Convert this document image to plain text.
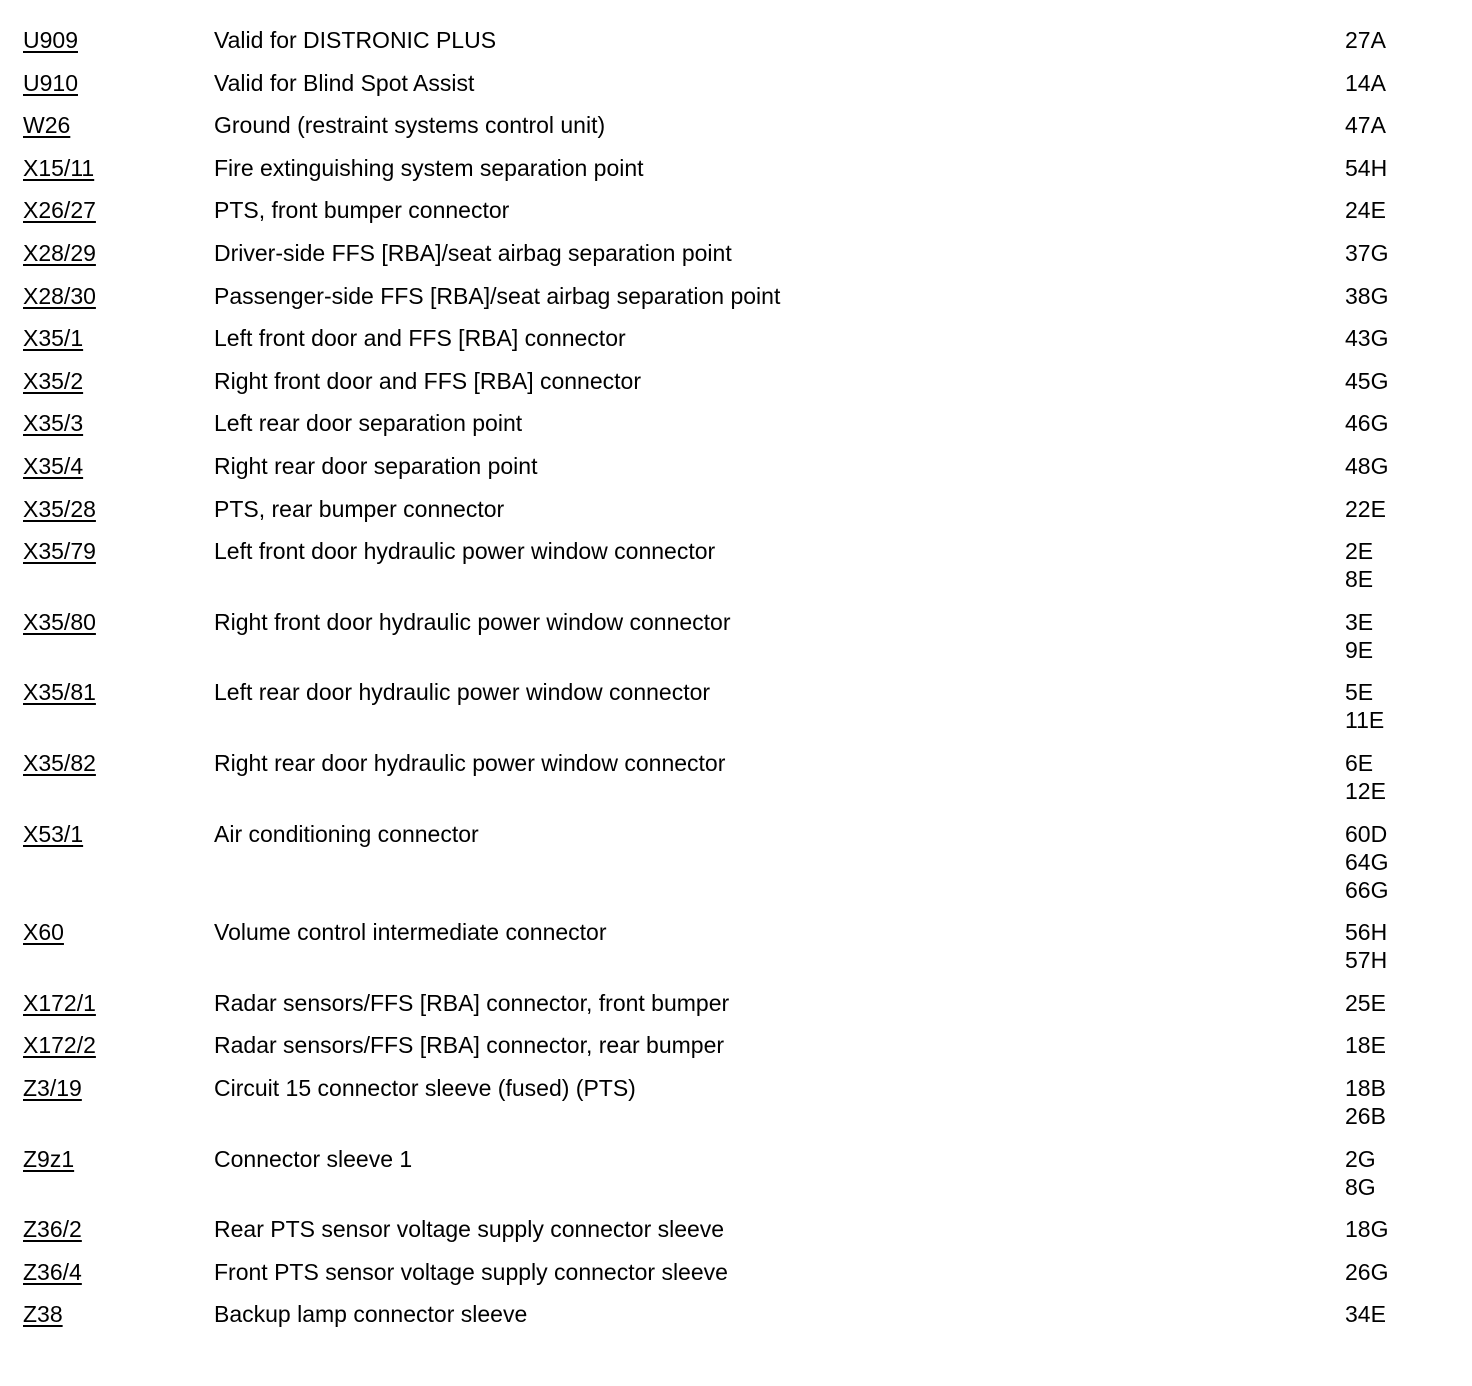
U909	Valid for DISTRONIC PLUS	27A
U910	Valid for Blind Spot Assist	14A
W26	Ground (restraint systems control unit)	47A
X15/11	Fire extinguishing system separation point	54H
X26/27	PTS, front bumper connector	24E
X28/29	Driver-side FFS [RBA]/seat airbag separation point	37G
X28/30	Passenger-side FFS [RBA]/seat airbag separation point	38G
X35/1	Left front door and FFS [RBA] connector	43G
X35/2	Right front door and FFS [RBA] connector	45G
X35/3	Left rear door separation point	46G
X35/4	Right rear door separation point	48G
X35/28	PTS, rear bumper connector	22E
X35/79	Left front door hydraulic power window connector	2E
8E
X35/80	Right front door hydraulic power window connector	3E
9E
X35/81	Left rear door hydraulic power window connector	5E
11E
X35/82	Right rear door hydraulic power window connector	6E
12E
X53/1	Air conditioning connector	60D
64G
66G
X60	Volume control intermediate connector	56H
57H
X172/1	Radar sensors/FFS [RBA] connector, front bumper	25E
X172/2	Radar sensors/FFS [RBA] connector, rear bumper	18E
Z3/19	Circuit 15 connector sleeve (fused) (PTS)	18B
26B
Z9z1	Connector sleeve 1	2G
8G
Z36/2	Rear PTS sensor voltage supply connector sleeve	18G
Z36/4	Front PTS sensor voltage supply connector sleeve	26G
Z38	Backup lamp connector sleeve	34E
